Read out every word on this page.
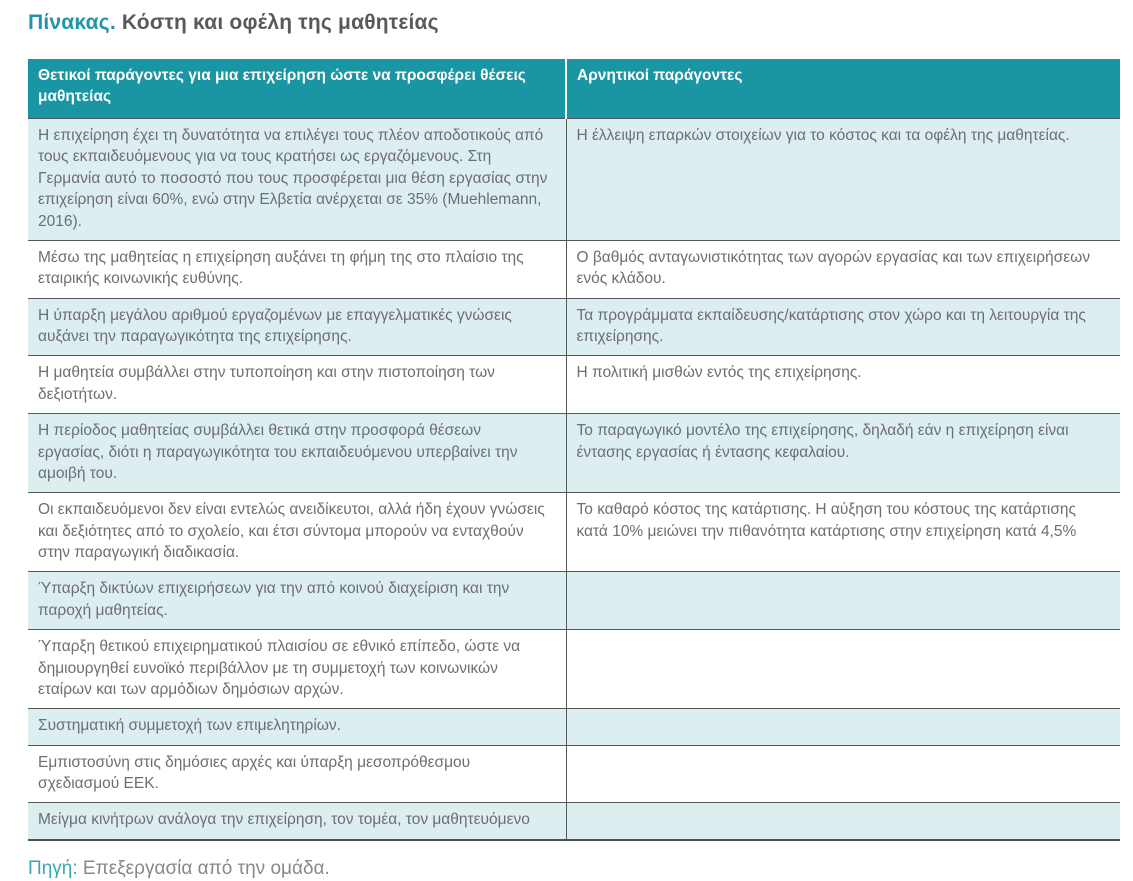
Πίνακας. Κόστη και οφέλη της μαθητείας
Θετικοί παράγοντες για μια επιχείρηση ώστε να προσφέρει θέσεις μαθητείας	Αρνητικοί παράγοντες
Η επιχείρηση έχει τη δυνατότητα να επιλέγει τους πλέον αποδοτικούς από τους εκπαιδευόμενους για να τους κρατήσει ως εργαζόμενους. Στη Γερμανία αυτό το ποσοστό που τους προσφέρεται μια θέση εργασίας στην επιχείρηση είναι 60%, ενώ στην Ελβετία ανέρχεται σε 35% (Muehlemann, 2016).	Η έλλειψη επαρκών στοιχείων για το κόστος και τα οφέλη της μαθητείας.
Μέσω της μαθητείας η επιχείρηση αυξάνει τη φήμη της στο πλαίσιο της εταιρικής κοινωνικής ευθύνης.	Ο βαθμός ανταγωνιστικότητας των αγορών εργασίας και των επιχειρήσεων ενός κλάδου.
Η ύπαρξη μεγάλου αριθμού εργαζομένων με επαγγελματικές γνώσεις αυξάνει την παραγωγικότητα της επιχείρησης.	Τα προγράμματα εκπαίδευσης/κατάρτισης στον χώρο και τη λειτουργία της επιχείρησης.
Η μαθητεία συμβάλλει στην τυποποίηση και στην πιστοποίηση των δεξιοτήτων.	Η πολιτική μισθών εντός της επιχείρησης.
Η περίοδος μαθητείας συμβάλλει θετικά στην προσφορά θέσεων εργασίας, διότι η παραγωγικότητα του εκπαιδευόμενου υπερβαίνει την αμοιβή του.	Το παραγωγικό μοντέλο της επιχείρησης, δηλαδή εάν η επιχείρηση είναι έντασης εργασίας ή έντασης κεφαλαίου.
Οι εκπαιδευόμενοι δεν είναι εντελώς ανειδίκευτοι, αλλά ήδη έχουν γνώσεις και δεξιότητες από το σχολείο, και έτσι σύντομα μπορούν να ενταχθούν στην παραγωγική διαδικασία.	Το καθαρό κόστος της κατάρτισης. Η αύξηση του κόστους της κατάρτισης κατά 10% μειώνει την πιθανότητα κατάρτισης στην επιχείρηση κατά 4,5%
Ύπαρξη δικτύων επιχειρήσεων για την από κοινού διαχείριση και την παροχή μαθητείας.	
Ύπαρξη θετικού επιχειρηματικού πλαισίου σε εθνικό επίπεδο, ώστε να δημιουργηθεί ευνοϊκό περιβάλλον με τη συμμετοχή των κοινωνικών εταίρων και των αρμόδιων δημόσιων αρχών.	
Συστηματική συμμετοχή των επιμελητηρίων.	
Εμπιστοσύνη στις δημόσιες αρχές και ύπαρξη μεσοπρόθεσμου σχεδιασμού ΕΕΚ.	
Μείγμα κινήτρων ανάλογα την επιχείρηση, τον τομέα, τον μαθητευόμενο	

Πηγή: Επεξεργασία από την ομάδα.
